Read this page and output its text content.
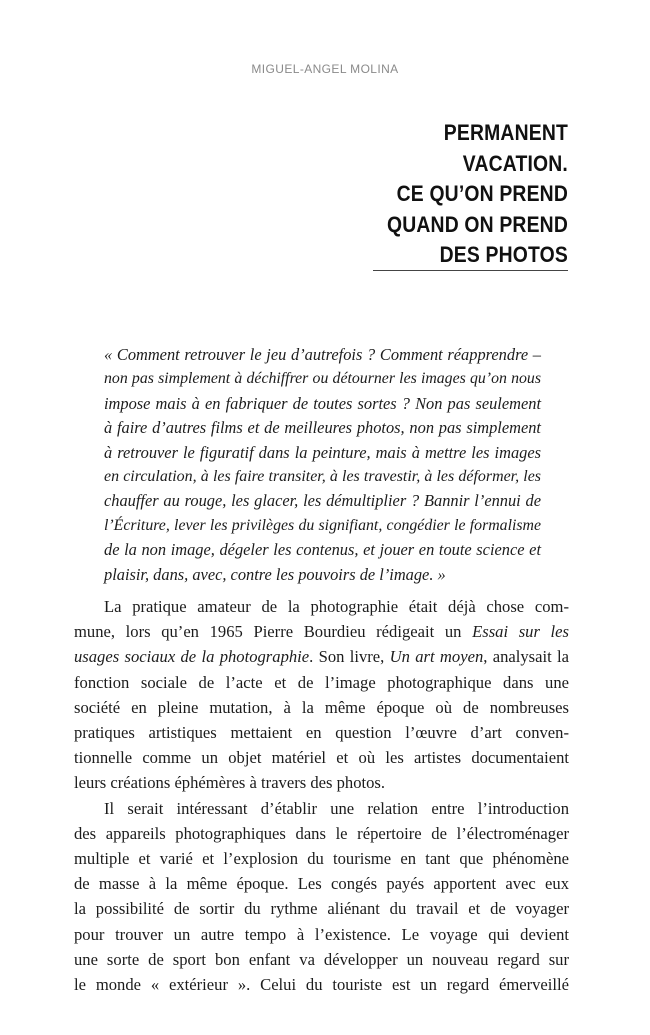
MIGUEL-ANGEL MOLINA
PERMANENT
VACATION.
CE QU’ON PREND
QUAND ON PREND
DES PHOTOS
« Comment retrouver le jeu d’autrefois ? Comment réapprendre –
non pas simplement à déchiffrer ou détourner les images qu’on nous
impose mais à en fabriquer de toutes sortes ? Non pas seulement
à faire d’autres films et de meilleures photos, non pas simplement
à retrouver le figuratif dans la peinture, mais à mettre les images
en circulation, à les faire transiter, à les travestir, à les déformer, les
chauffer au rouge, les glacer, les démultiplier ? Bannir l’ennui de
l’Écriture, lever les privilèges du signifiant, congédier le formalisme
de la non image, dégeler les contenus, et jouer en toute science et
plaisir, dans, avec, contre les pouvoirs de l’image. »
La pratique amateur de la photographie était déjà chose com-
mune, lors qu’en 1965 Pierre Bourdieu rédigeait un Essai sur les
usages sociaux de la photographie. Son livre, Un art moyen, analysait la
fonction sociale de l’acte et de l’image photographique dans une
société en pleine mutation, à la même époque où de nombreuses
pratiques artistiques mettaient en question l’œuvre d’art conven-
tionnelle comme un objet matériel et où les artistes documentaient
leurs créations éphémères à travers des photos.
Il serait intéressant d’établir une relation entre l’introduction
des appareils photographiques dans le répertoire de l’électroménager
multiple et varié et l’explosion du tourisme en tant que phénomène
de masse à la même époque. Les congés payés apportent avec eux
la possibilité de sortir du rythme aliénant du travail et de voyager
pour trouver un autre tempo à l’existence. Le voyage qui devient
une sorte de sport bon enfant va développer un nouveau regard sur
le monde « extérieur ». Celui du touriste est un regard émerveillé
